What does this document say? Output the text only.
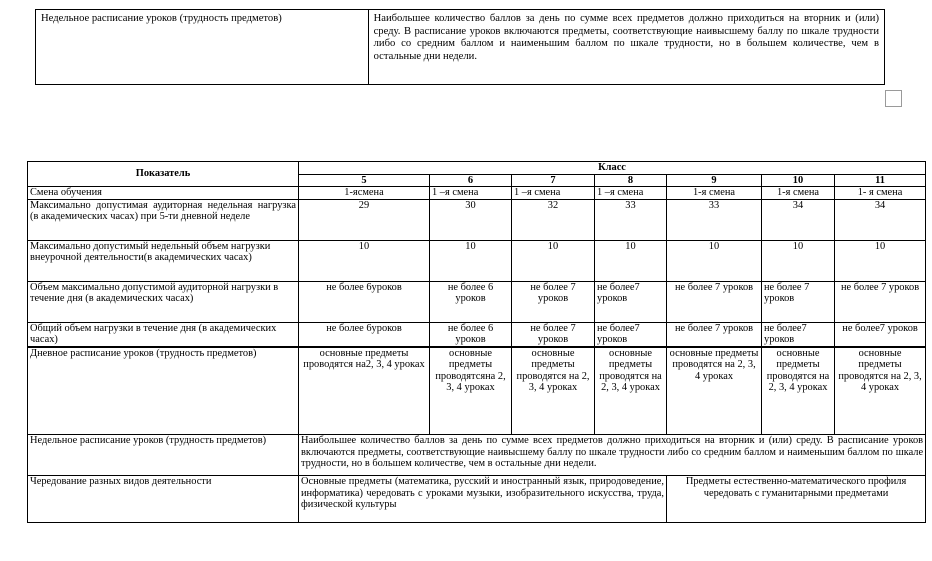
Недельное расписание уроков (трудность предметов)	Наибольшее количество баллов за день по сумме всех предметов должно приходиться на вторник и (или) среду. В расписание уроков включаются предметы, соответствующие наивысшему баллу по шкале трудности либо со средним баллом и наименьшим баллом по шкале трудности, но в большем количестве, чем в остальные дни недели.
Показатель	Класс						
	5	6	7	8	9	10	11
Смена обучения	1-ясмена	1 –я смена	1 –я смена	1 –я смена	1-я смена	1-я смена	1- я смена
Максимально допустимая аудиторная недельная нагрузка (в академических часах) при 5-ти дневной неделе	29	30	32	33	33	34	34
Максимально допустимый недельный объем нагрузки внеурочной деятельности(в академических часах)	10	10	10	10	10	10	10
Объем максимально допустимой аудиторной нагрузки в течение дня (в академических часах)	не более 6уроков	не более 6 уроков	не более 7 уроков	не более7 уроков	не более 7 уроков	не более 7 уроков	не более 7 уроков
Общий объем нагрузки в течение дня (в академических часах)	не более 6уроков	не более 6 уроков	не более 7 уроков	не более7 уроков	не более 7 уроков	не более7 уроков	не более7 уроков
Дневное расписание уроков (трудность предметов)	основные предметы проводятся на2, 3, 4 уроках	основные предметы проводятсяна 2, 3, 4 уроках	основные предметы проводятся на 2, 3, 4 уроках	основные предметы проводятся на 2, 3, 4 уроках	основные предметы проводятся на 2, 3, 4 уроках	основные предметы проводятся на 2, 3, 4 уроках	основные предметы проводятся на 2, 3, 4 уроках
Недельное расписание уроков (трудность предметов)	Наибольшее количество баллов за день по сумме всех предметов должно приходиться на вторник и (или) среду. В расписание уроков включаются предметы, соответствующие наивысшему баллу по шкале трудности либо со средним баллом и наименьшим баллом по шкале трудности, но в большем количестве, чем в остальные дни недели.						
Чередование разных видов деятельности	Основные предметы (математика, русский и иностранный язык, природоведение, информатика) чередовать с уроками музыки, изобразительного искусства, труда, физической культуры				Предметы естественно-математического профиля чередовать с гуманитарными предметами		
